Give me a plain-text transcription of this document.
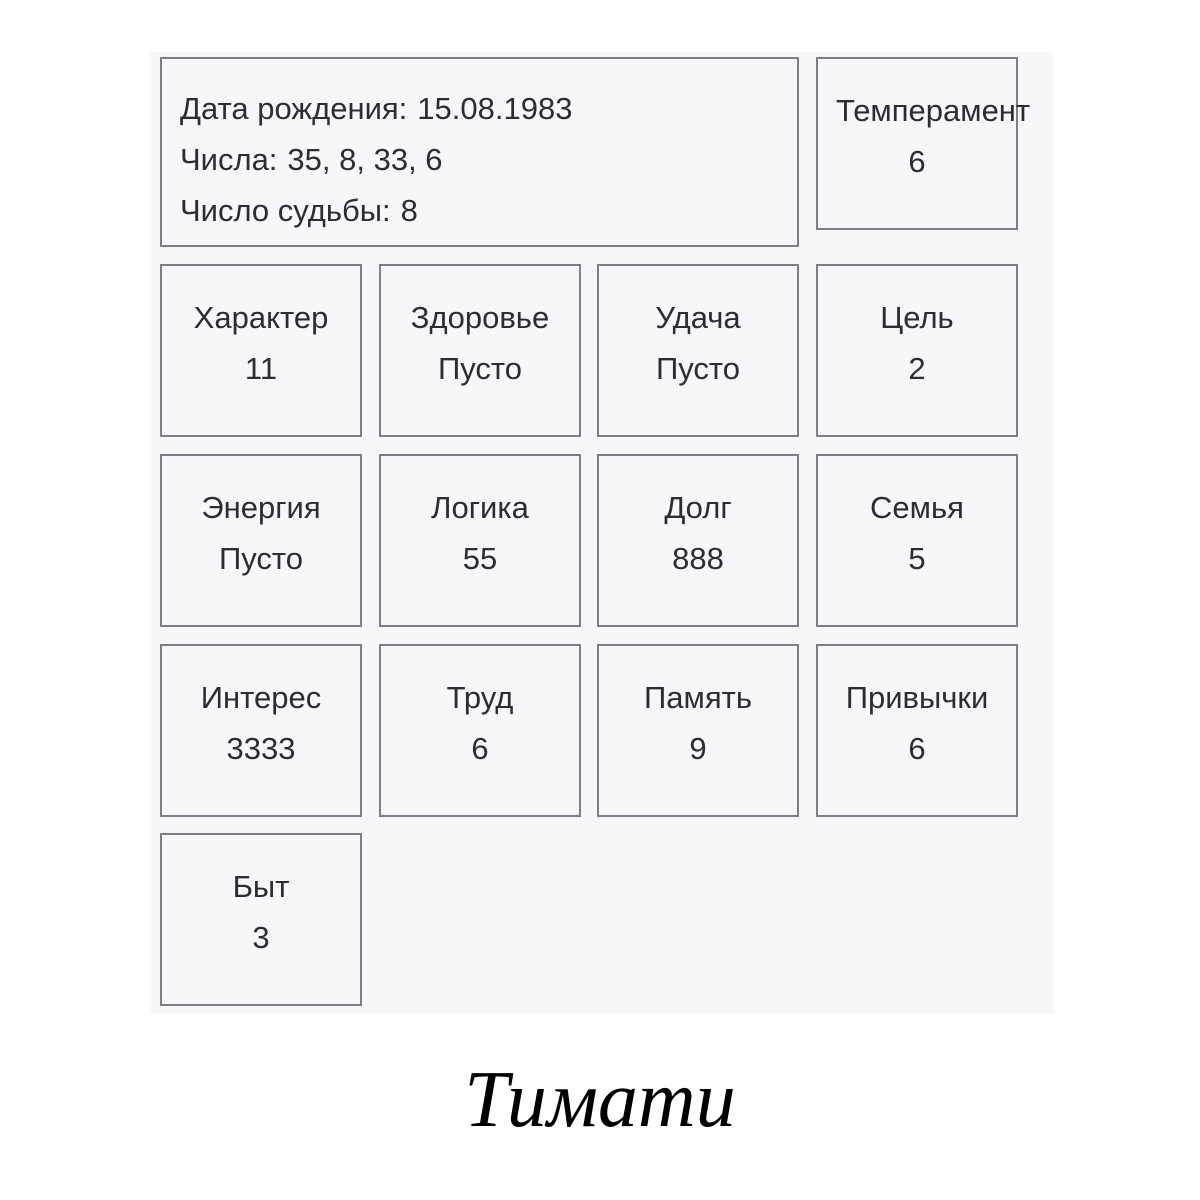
Дата рождения: 15.08.1983
Числа: 35, 8, 33, 6
Число судьбы: 8
Темперамент
6
Характер
11
Здоровье
Пусто
Удача
Пусто
Цель
2
Энергия
Пусто
Логика
55
Долг
888
Семья
5
Интерес
3333
Труд
6
Память
9
Привычки
6
Быт
3
Тимати
